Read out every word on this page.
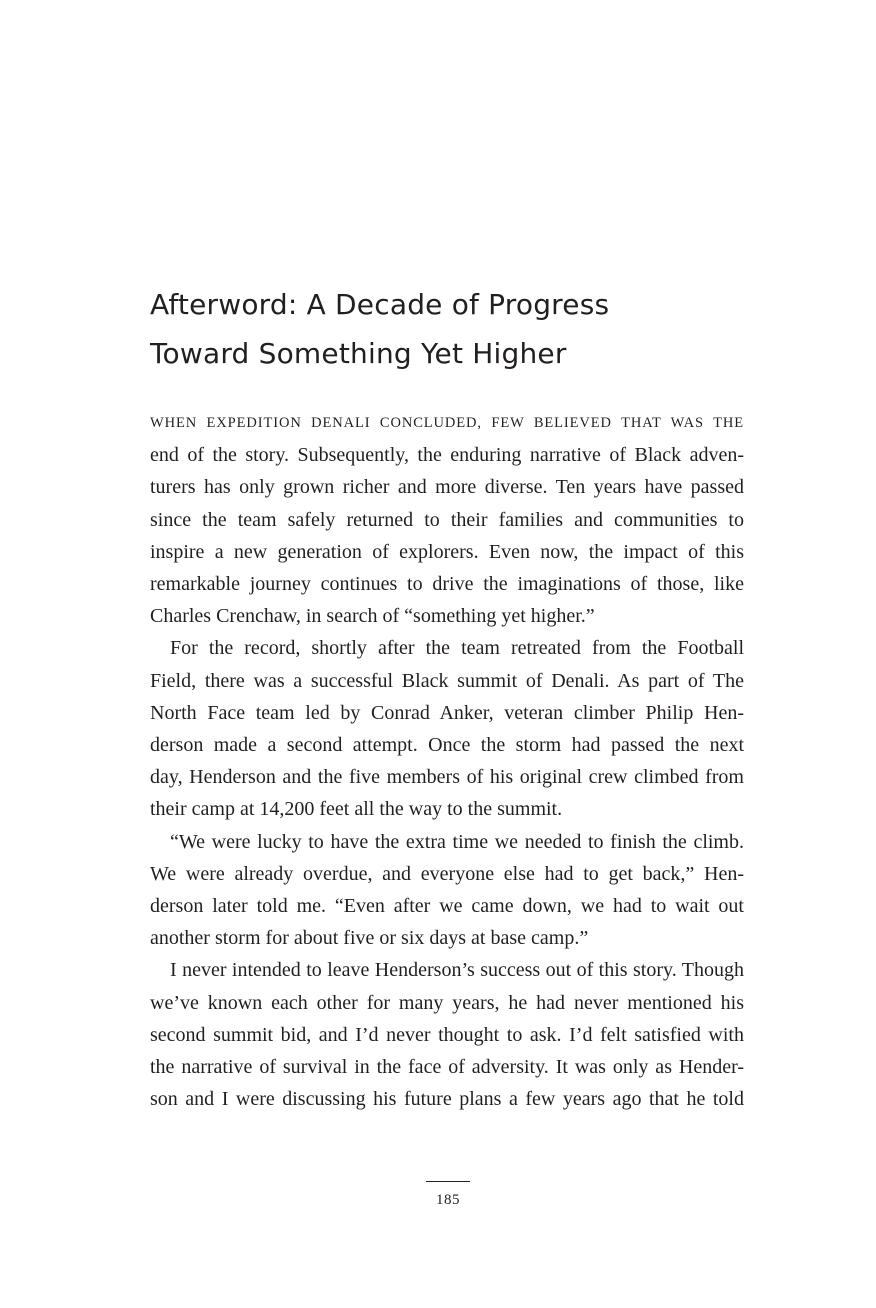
Afterword: A Decade of Progress
Toward Something Yet Higher

WHEN EXPEDITION DENALI CONCLUDED, FEW BELIEVED THAT WAS THE
end of the story. Subsequently, the enduring narrative of Black adven-
turers has only grown richer and more diverse. Ten years have passed
since the team safely returned to their families and communities to
inspire a new generation of explorers. Even now, the impact of this
remarkable journey continues to drive the imaginations of those, like
Charles Crenchaw, in search of “something yet higher.”

For the record, shortly after the team retreated from the Football
Field, there was a successful Black summit of Denali. As part of The
North Face team led by Conrad Anker, veteran climber Philip Hen-
derson made a second attempt. Once the storm had passed the next
day, Henderson and the five members of his original crew climbed from
their camp at 14,200 feet all the way to the summit.

“We were lucky to have the extra time we needed to finish the climb.
We were already overdue, and everyone else had to get back,” Hen-
derson later told me. “Even after we came down, we had to wait out
another storm for about five or six days at base camp.”

I never intended to leave Henderson’s success out of this story. Though
we’ve known each other for many years, he had never mentioned his
second summit bid, and I’d never thought to ask. I’d felt satisfied with
the narrative of survival in the face of adversity. It was only as Hender-
son and I were discussing his future plans a few years ago that he told

185
